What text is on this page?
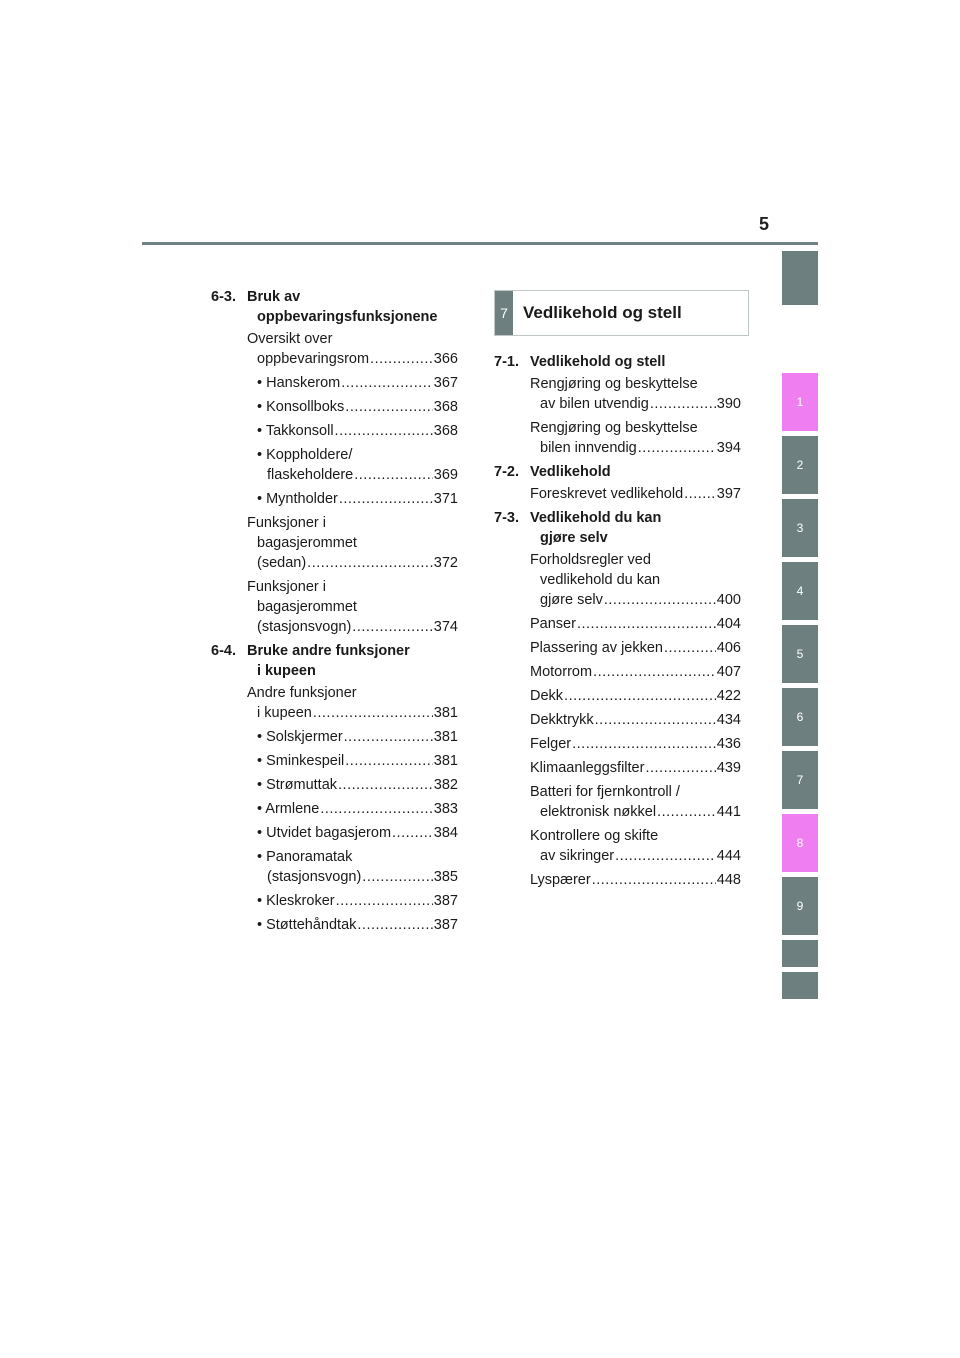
5
1
2
3
4
5
6
7
8
9
6-3. Bruk av
oppbevaringsfunksjonene
Oversikt over
oppbevaringsrom .....	366
• Hanskerom .....	367
• Konsollboks .....	368
• Takkonsoll .....	368
• Koppholdere/
flaskeholdere .....	369
• Myntholder .....	371
Funksjoner i
bagasjerommet
(sedan) .....	372
Funksjoner i
bagasjerommet
(stasjonsvogn) .....	374
6-4. Bruke andre funksjoner
i kupeen
Andre funksjoner
i kupeen .....	381
• Solskjermer .....	381
• Sminkespeil .....	381
• Strømuttak .....	382
• Armlene .....	383
• Utvidet bagasjerom .....	384
• Panoramatak
(stasjonsvogn) .....	385
• Kleskroker .....	387
• Støttehåndtak .....	387
7 Vedlikehold og stell
7-1. Vedlikehold og stell
Rengjøring og beskyttelse
av bilen utvendig .....	390
Rengjøring og beskyttelse
bilen innvendig .....	394
7-2. Vedlikehold
Foreskrevet vedlikehold ..... 397
7-3. Vedlikehold du kan
gjøre selv
Forholdsregler ved
vedlikehold du kan
gjøre selv .....	400
Panser .....	404
Plassering av jekken .....	406
Motorrom .....	407
Dekk .....	422
Dekktrykk .....	434
Felger .....	436
Klimaanleggsfilter .....	439
Batteri for fjernkontroll /
elektronisk nøkkel .....	441
Kontrollere og skifte
av sikringer .....	444
Lyspærer .....	448
